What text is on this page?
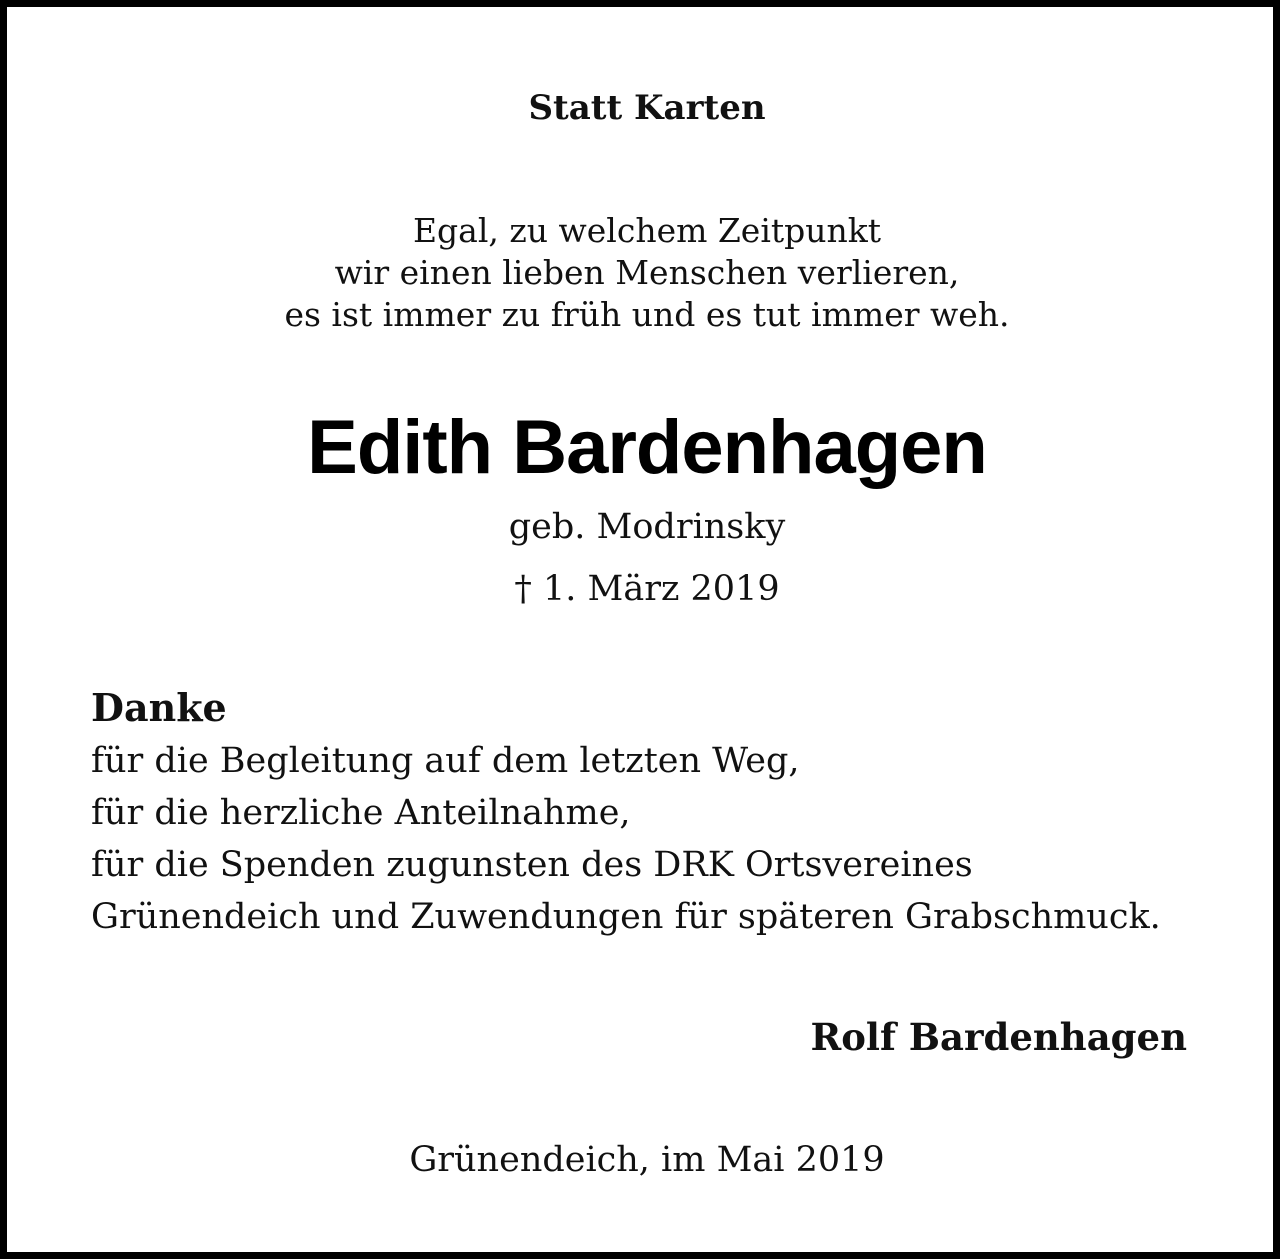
Statt Karten
Egal, zu welchem Zeitpunkt
wir einen lieben Menschen verlieren,
es ist immer zu früh und es tut immer weh.
Edith Bardenhagen
geb. Modrinsky
† 1. März 2019
Danke
für die Begleitung auf dem letzten Weg,
für die herzliche Anteilnahme,
für die Spenden zugunsten des DRK Ortsvereines
Grünendeich und Zuwendungen für späteren Grabschmuck.
Rolf Bardenhagen
Grünendeich, im Mai 2019
